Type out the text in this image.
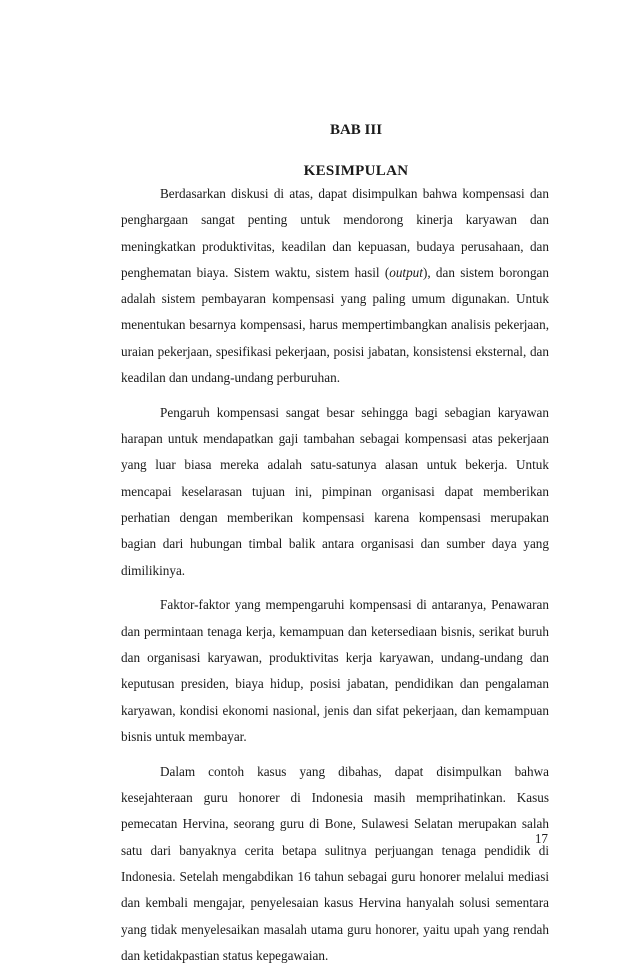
BAB III

KESIMPULAN

Berdasarkan diskusi di atas, dapat disimpulkan bahwa kompensasi dan penghargaan sangat penting untuk mendorong kinerja karyawan dan meningkatkan produktivitas, keadilan dan kepuasan, budaya perusahaan, dan penghematan biaya. Sistem waktu, sistem hasil (output), dan sistem borongan adalah sistem pembayaran kompensasi yang paling umum digunakan. Untuk menentukan besarnya kompensasi, harus mempertimbangkan analisis pekerjaan, uraian pekerjaan, spesifikasi pekerjaan, posisi jabatan, konsistensi eksternal, dan keadilan dan undang-undang perburuhan.

Pengaruh kompensasi sangat besar sehingga bagi sebagian karyawan harapan untuk mendapatkan gaji tambahan sebagai kompensasi atas pekerjaan yang luar biasa mereka adalah satu-satunya alasan untuk bekerja. Untuk mencapai keselarasan tujuan ini, pimpinan organisasi dapat memberikan perhatian dengan memberikan kompensasi karena kompensasi merupakan bagian dari hubungan timbal balik antara organisasi dan sumber daya yang dimilikinya.

Faktor-faktor yang mempengaruhi kompensasi di antaranya, Penawaran dan permintaan tenaga kerja, kemampuan dan ketersediaan bisnis, serikat buruh dan organisasi karyawan, produktivitas kerja karyawan, undang-undang dan keputusan presiden, biaya hidup, posisi jabatan, pendidikan dan pengalaman karyawan, kondisi ekonomi nasional, jenis dan sifat pekerjaan, dan kemampuan bisnis untuk membayar.

Dalam contoh kasus yang dibahas, dapat disimpulkan bahwa kesejahteraan guru honorer di Indonesia masih memprihatinkan. Kasus pemecatan Hervina, seorang guru di Bone, Sulawesi Selatan merupakan salah satu dari banyaknya cerita betapa sulitnya perjuangan tenaga pendidik di Indonesia. Setelah mengabdikan 16 tahun sebagai guru honorer melalui mediasi dan kembali mengajar, penyelesaian kasus Hervina hanyalah solusi sementara yang tidak menyelesaikan masalah utama guru honorer, yaitu upah yang rendah dan ketidakpastian status kepegawaian.

17
